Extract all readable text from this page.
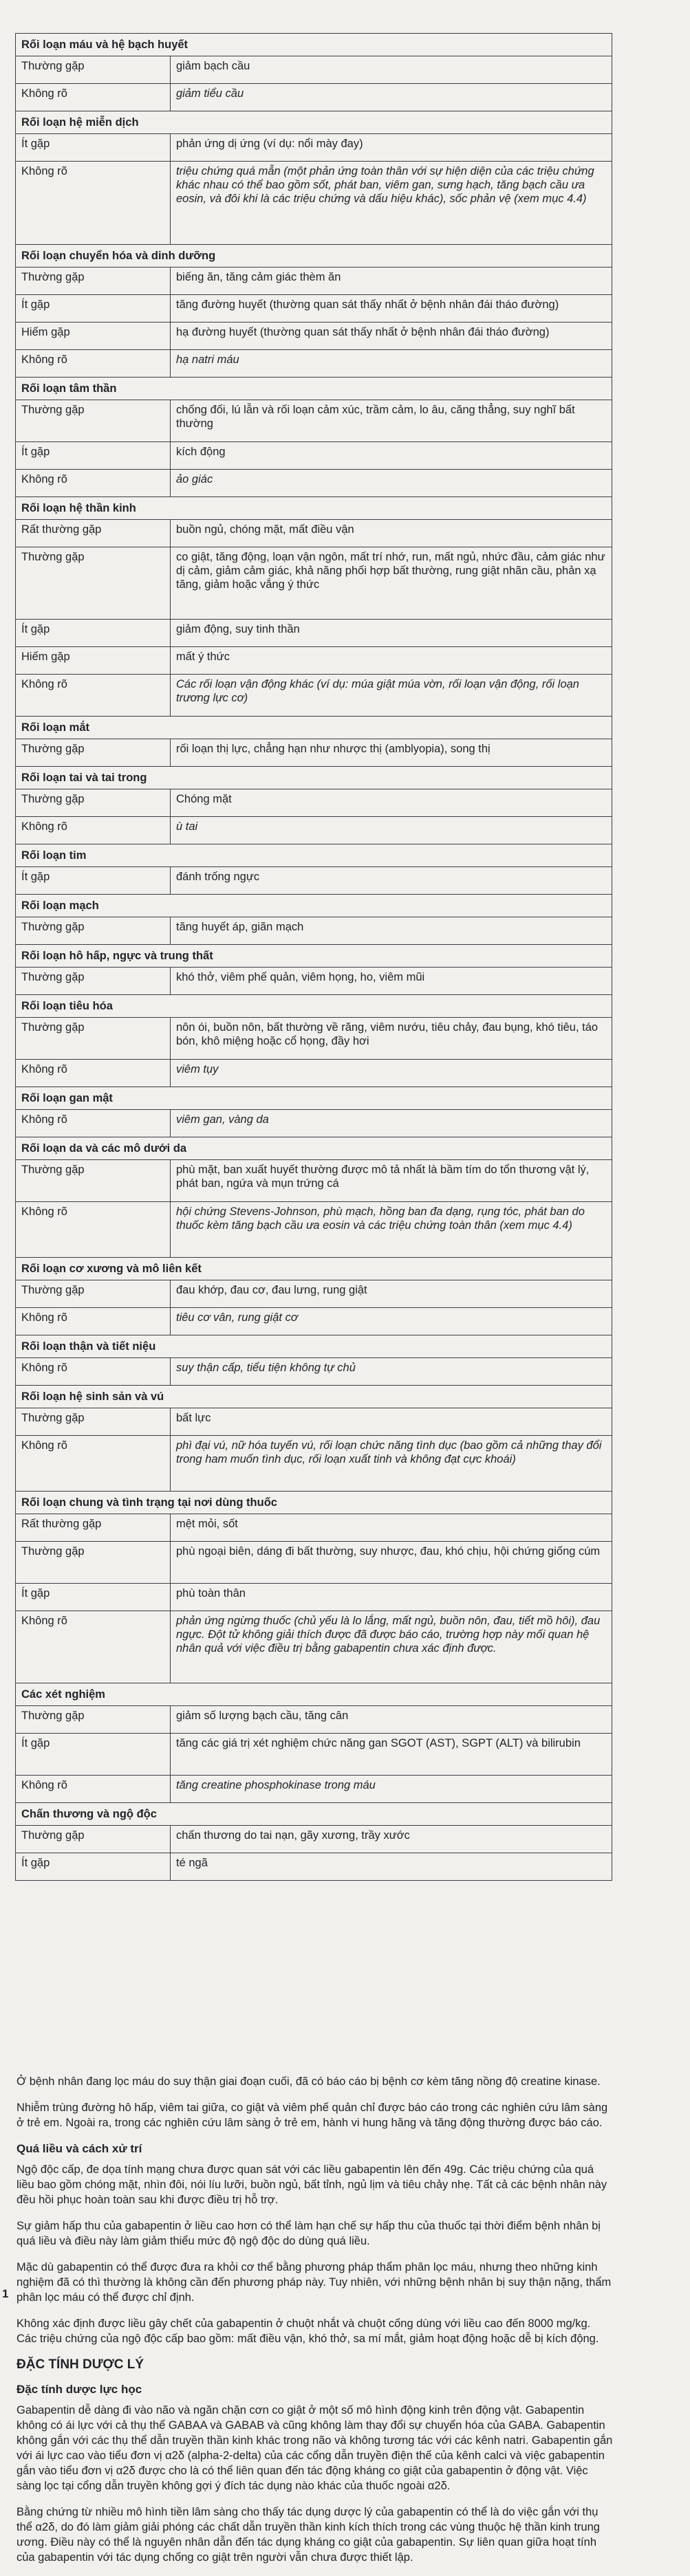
Rối loạn máu và hệ bạch huyết	
Thường gặp	giảm bạch cầu
Không rõ	giảm tiểu cầu
Rối loạn hệ miễn dịch	
Ít gặp	phản ứng dị ứng (ví dụ: nổi mày đay)
Không rõ	triệu chứng quá mẫn (một phản ứng toàn thân với sự hiện diện của các triệu chứng khác nhau có thể bao gồm sốt, phát ban, viêm gan, sưng hạch, tăng bạch cầu ưa eosin, và đôi khi là các triệu chứng và dấu hiệu khác), sốc phản vệ (xem mục 4.4)
Rối loạn chuyển hóa và dinh dưỡng	
Thường gặp	biếng ăn, tăng cảm giác thèm ăn
Ít gặp	tăng đường huyết (thường quan sát thấy nhất ở bệnh nhân đái tháo đường)
Hiếm gặp	hạ đường huyết (thường quan sát thấy nhất ở bệnh nhân đái tháo đường)
Không rõ	hạ natri máu
Rối loạn tâm thần	
Thường gặp	chống đối, lú lẫn và rối loạn cảm xúc, trầm cảm, lo âu, căng thẳng, suy nghĩ bất thường
Ít gặp	kích động
Không rõ	ảo giác
Rối loạn hệ thần kinh	
Rất thường gặp	buồn ngủ, chóng mặt, mất điều vận
Thường gặp	co giật, tăng động, loạn vận ngôn, mất trí nhớ, run, mất ngủ, nhức đầu, cảm giác như dị cảm, giảm cảm giác, khả năng phối hợp bất thường, rung giật nhãn cầu, phản xạ tăng, giảm hoặc vắng ý thức
Ít gặp	giảm động, suy tinh thần
Hiếm gặp	mất ý thức
Không rõ	Các rối loạn vận động khác (ví dụ: múa giật múa vờn, rối loạn vận động, rối loạn trương lực cơ)
Rối loạn mắt	
Thường gặp	rối loạn thị lực, chẳng hạn như nhược thị (amblyopia), song thị
Rối loạn tai và tai trong	
Thường gặp	Chóng mặt
Không rõ	ù tai
Rối loạn tim	
Ít gặp	đánh trống ngực
Rối loạn mạch	
Thường gặp	tăng huyết áp, giãn mạch
Rối loạn hô hấp, ngực và trung thất	
Thường gặp	khó thở, viêm phế quản, viêm họng, ho, viêm mũi
Rối loạn tiêu hóa	
Thường gặp	nôn ói, buồn nôn, bất thường về răng, viêm nướu, tiêu chảy, đau bụng, khó tiêu, táo bón, khô miệng hoặc cổ họng, đầy hơi
Không rõ	viêm tụy
Rối loạn gan mật	
Không rõ	viêm gan, vàng da
Rối loạn da và các mô dưới da	
Thường gặp	phù mặt, ban xuất huyết thường được mô tả nhất là bầm tím do tổn thương vật lý, phát ban, ngứa và mụn trứng cá
Không rõ	hội chứng Stevens-Johnson, phù mạch, hồng ban đa dạng, rụng tóc, phát ban do thuốc kèm tăng bạch cầu ưa eosin và các triệu chứng toàn thân (xem mục 4.4)
Rối loạn cơ xương và mô liên kết	
Thường gặp	đau khớp, đau cơ, đau lưng, rung giật
Không rõ	tiêu cơ vân, rung giật cơ
Rối loạn thận và tiết niệu	
Không rõ	suy thận cấp, tiểu tiện không tự chủ
Rối loạn hệ sinh sản và vú	
Thường gặp	bất lực
Không rõ	phì đại vú, nữ hóa tuyến vú, rối loạn chức năng tình dục (bao gồm cả những thay đổi trong ham muốn tình dục, rối loạn xuất tinh và không đạt cực khoái)
Rối loạn chung và tình trạng tại nơi dùng thuốc	
Rất thường gặp	mệt mỏi, sốt
Thường gặp	phù ngoại biên, dáng đi bất thường, suy nhược, đau, khó chịu, hội chứng giống cúm
Ít gặp	phù toàn thân
Không rõ	phản ứng ngừng thuốc (chủ yếu là lo lắng, mất ngủ, buồn nôn, đau, tiết mồ hôi), đau ngực. Đột tử không giải thích được đã được báo cáo, trường hợp này mối quan hệ nhân quả với việc điều trị bằng gabapentin chưa xác định được.
Các xét nghiệm	
Thường gặp	giảm số lượng bạch cầu, tăng cân
Ít gặp	tăng các giá trị xét nghiệm chức năng gan SGOT (AST), SGPT (ALT) và bilirubin
Không rõ	tăng creatine phosphokinase trong máu
Chấn thương và ngộ độc	
Thường gặp	chấn thương do tai nạn, gãy xương, trầy xước
Ít gặp	té ngã

Ở bệnh nhân đang lọc máu do suy thận giai đoạn cuối, đã có báo cáo bị bệnh cơ kèm tăng nồng độ creatine kinase.

Nhiễm trùng đường hô hấp, viêm tai giữa, co giật và viêm phế quản chỉ được báo cáo trong các nghiên cứu lâm sàng ở trẻ em. Ngoài ra, trong các nghiên cứu lâm sàng ở trẻ em, hành vi hung hăng và tăng động thường được báo cáo.

Quá liều và cách xử trí

Ngộ độc cấp, đe dọa tính mạng chưa được quan sát với các liều gabapentin lên đến 49g. Các triệu chứng của quá liều bao gồm chóng mặt, nhìn đôi, nói líu lưỡi, buồn ngủ, bất tỉnh, ngủ lịm và tiêu chảy nhẹ. Tất cả các bệnh nhân này đều hồi phục hoàn toàn sau khi được điều trị hỗ trợ.

Sự giảm hấp thu của gabapentin ở liều cao hơn có thể làm hạn chế sự hấp thu của thuốc tại thời điểm bệnh nhân bị quá liều và điều này làm giảm thiểu mức độ ngộ độc do dùng quá liều.

Mặc dù gabapentin có thể được đưa ra khỏi cơ thể bằng phương pháp thẩm phân lọc máu, nhưng theo những kinh nghiệm đã có thì thường là không cần đến phương pháp này. Tuy nhiên, với những bệnh nhân bị suy thận nặng, thẩm phân lọc máu có thể được chỉ định.

Không xác định được liều gây chết của gabapentin ở chuột nhắt và chuột cống dùng với liều cao đến 8000 mg/kg. Các triệu chứng của ngộ độc cấp bao gồm: mất điều vận, khó thở, sa mí mắt, giảm hoạt động hoặc dễ bị kích động.

ĐẶC TÍNH DƯỢC LÝ
Đặc tính dược lực học

Gabapentin dễ dàng đi vào não và ngăn chặn cơn co giật ở một số mô hình động kinh trên động vật. Gabapentin không có ái lực với cả thụ thể GABAA và GABAB và cũng không làm thay đổi sự chuyển hóa của GABA. Gabapentin không gắn với các thụ thể dẫn truyền thần kinh khác trong não và không tương tác với các kênh natri. Gabapentin gắn với ái lực cao vào tiểu đơn vị α2δ (alpha-2-delta) của các cổng dẫn truyền điện thế của kênh calci và việc gabapentin gắn vào tiểu đơn vị α2δ được cho là có thể liên quan đến tác động kháng co giật của gabapentin ở động vật. Việc sàng lọc tại cổng dẫn truyền không gợi ý đích tác dụng nào khác của thuốc ngoài α2δ.

Bằng chứng từ nhiều mô hình tiền lâm sàng cho thấy tác dụng dược lý của gabapentin có thể là do việc gắn với thụ thể α2δ, do đó làm giảm giải phóng các chất dẫn truyền thần kinh kích thích trong các vùng thuộc hệ thần kinh trung ương. Điều này có thể là nguyên nhân dẫn đến tác dụng kháng co giật của gabapentin. Sự liên quan giữa hoạt tính của gabapentin với tác dụng chống co giật trên người vẫn chưa được thiết lập.

1
